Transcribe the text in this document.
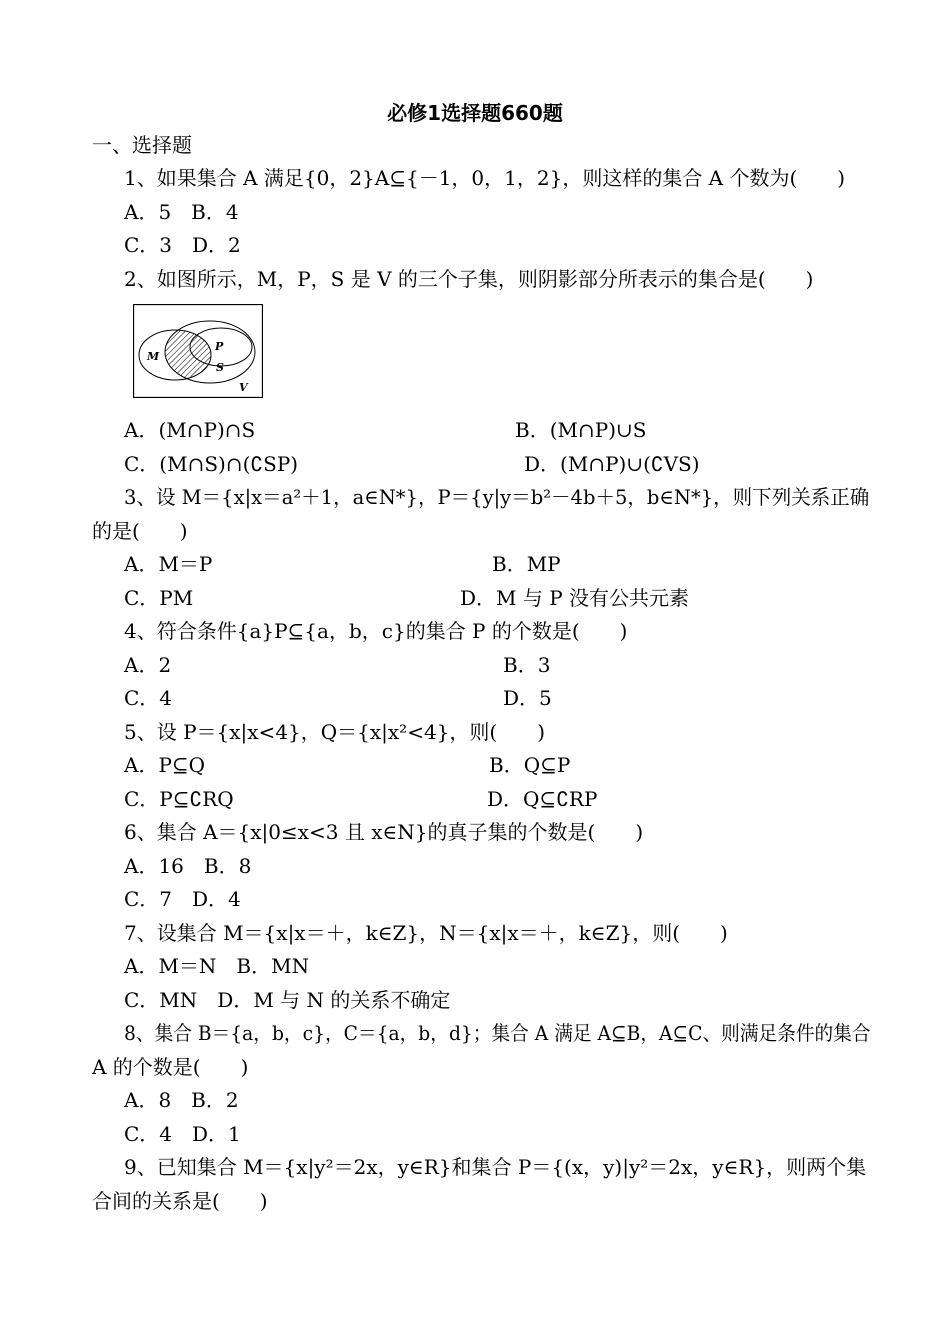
必修1选择题660题
一、选择题
1、如果集合 A 满足{0，2}A⊆{－1，0，1，2}，则这样的集合 A 个数为(　　)
A．5　B．4
C．3　D．2
2、如图所示，M，P，S 是 V 的三个子集，则阴影部分所表示的集合是(　　)
M
P
S
V
A．(M∩P)∩S	B．(M∩P)∪S
C．(M∩S)∩(∁SP)	D．(M∩P)∪(∁VS)
3、设 M＝{x|x＝a²＋1，a∈N*}，P＝{y|y＝b²－4b＋5，b∈N*}，则下列关系正确
的是(　　)
A．M＝P	B．MP
C．PM	D．M 与 P 没有公共元素
4、符合条件{a}P⊆{a，b，c}的集合 P 的个数是(　　)
A．2	B．3
C．4	D．5
5、设 P＝{x|x<4}，Q＝{x|x²<4}，则(　　)
A．P⊆Q	B．Q⊆P
C．P⊆∁RQ	D．Q⊆∁RP
6、集合 A＝{x|0≤x<3 且 x∈N}的真子集的个数是(　　)
A．16　B．8
C．7　D．4
7、设集合 M＝{x|x＝＋，k∈Z}，N＝{x|x＝＋，k∈Z}，则(　　)
A．M＝N　B．MN
C．MN　D．M 与 N 的关系不确定
8、集合 B＝{a，b，c}，C＝{a，b，d}；集合 A 满足 A⊆B，A⊆C、则满足条件的集合
A 的个数是(　　)
A．8　B．2
C．4　D．1
9、已知集合 M＝{x|y²＝2x，y∈R}和集合 P＝{(x，y)|y²＝2x，y∈R}，则两个集
合间的关系是(　　)
